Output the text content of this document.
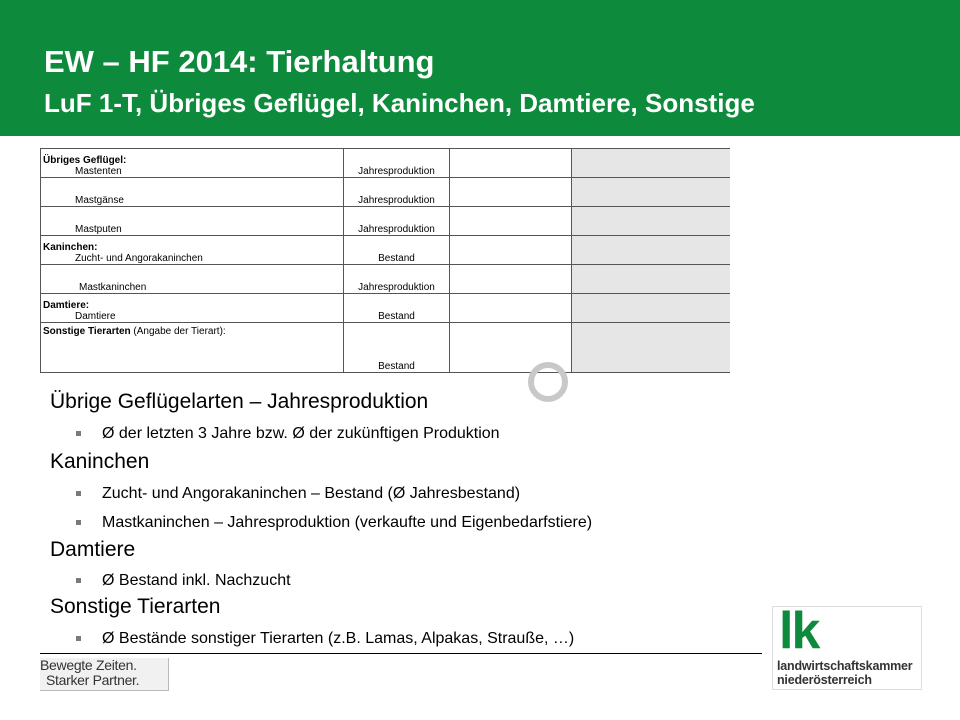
EW – HF 2014: Tierhaltung
LuF 1-T, Übriges Geflügel, Kaninchen, Damtiere, Sonstige
Übriges Geflügel:
Mastenten	Jahresproduktion		

Mastgänse	Jahresproduktion		

Mastputen	Jahresproduktion		

Kaninchen:
Zucht- und Angorakaninchen	Bestand		

Mastkaninchen	Jahresproduktion		

Damtiere:
Damtiere	Bestand		

Sonstige Tierarten (Angabe der Tierart):	Bestand		
Übrige Geflügelarten – Jahresproduktion
Ø der letzten 3 Jahre bzw. Ø der zukünftigen Produktion
Kaninchen
Zucht- und Angorakaninchen – Bestand (Ø Jahresbestand)
Mastkaninchen – Jahresproduktion (verkaufte und Eigenbedarfstiere)
Damtiere
Ø Bestand inkl. Nachzucht
Sonstige Tierarten
Ø Bestände sonstiger Tierarten (z.B. Lamas, Alpakas, Strauße, …)
Bewegte Zeiten.
Starker Partner.
lk
landwirtschaftskammer
niederösterreich
